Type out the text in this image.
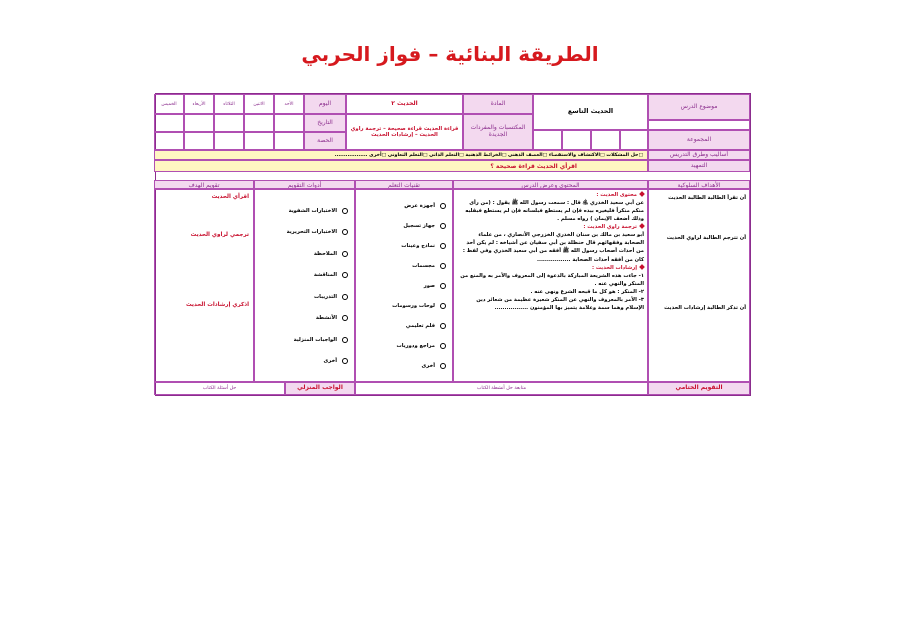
الطريقة البنائية – فواز الحربي
موضوع الدرس
الحديث التاسع
المادة
الحديث ٢
اليوم
الأحد
الاثنين
الثلاثاء
الأربعاء
الخميس
المكتسبات والمفردات الجديدة
قراءة الحديث قراءة صحيحة – ترجمة راوي الحديث – إرشادات الحديث
التاريخ
المجموعة
الحصة
أساليب وطرق التدريس
□حل المشكلات □الاكتشاف والاستقصاء □العصف الذهني □الخرائط الذهنية □التعلم الذاتي □التعلم التعاوني □أخرى ..................
التمهيد
اقرأي الحديث قراءة صحيحة ؟
الأهداف السلوكية
المحتوى وعرض الدرس
تقنيات التعلم
أدوات التقويم
تقويم الهدف
أن تقرأ الطالبة الطالبة الحديث
أن تترجم الطالبة لراوي الحديث
أن تذكر الطالبة إرشادات الحديث
محتوى الحديث :
عن أبي سعيد الخدري ﵁ قال : سمعت رسول الله ﷺ يقول : (من رأى منكم منكراً فليغيره بيده فإن لم يستطع فبلسانه فإن لم يستطع فبقلبه وذلك أضعف الإيمان ) رواه مسلم .
ترجمة راوي الحديث :
أبو سعيد بن مالك بن سنان الخدري الخزرجي الأنصاري ، من علماء الصحابة وفقهائهم قال حنظلة بن أبي سفيان عن أشياخه : لم يكن أحد من أحداث أصحاب رسول الله ﷺ أفقه من أبي سعيد الخدري وفي لفظ : كان من أفقه أحداث الصحابة .................
إرشادات الحديث :
١- جاءت هذه الشريعة المباركة بالدعوة إلى المعروف والأمر به والمنع من المنكر والنهي عنه .
٢- المنكر : هو كل ما قبحه الشرع ونهى عنه .
٣- الأمر بالمعروف والنهي عن المنكر شعيرة عظيمة من شعائر دين الإسلام وهما سمة وعلامة يتميز بها المؤمنون .................
أجهزة عرض
جهاز تسجيل
نماذج وعينات
مجسمات
صور
لوحات ورسومات
فلم تعليمي
مراجع ودوريات
أخرى
الاختبارات الشفوية
الاختبارات التحريرية
الملاحظة
المناقشة
التدريبات
الأنشطة
الواجبات المنزلية
أخرى
اقرأي الحديث
ترجمي لراوي الحديث
اذكري إرشادات الحديث
التقويم الختامي
متابعة حل أنشطة الكتاب
الواجب المنزلي
حل أسئلة الكتاب
